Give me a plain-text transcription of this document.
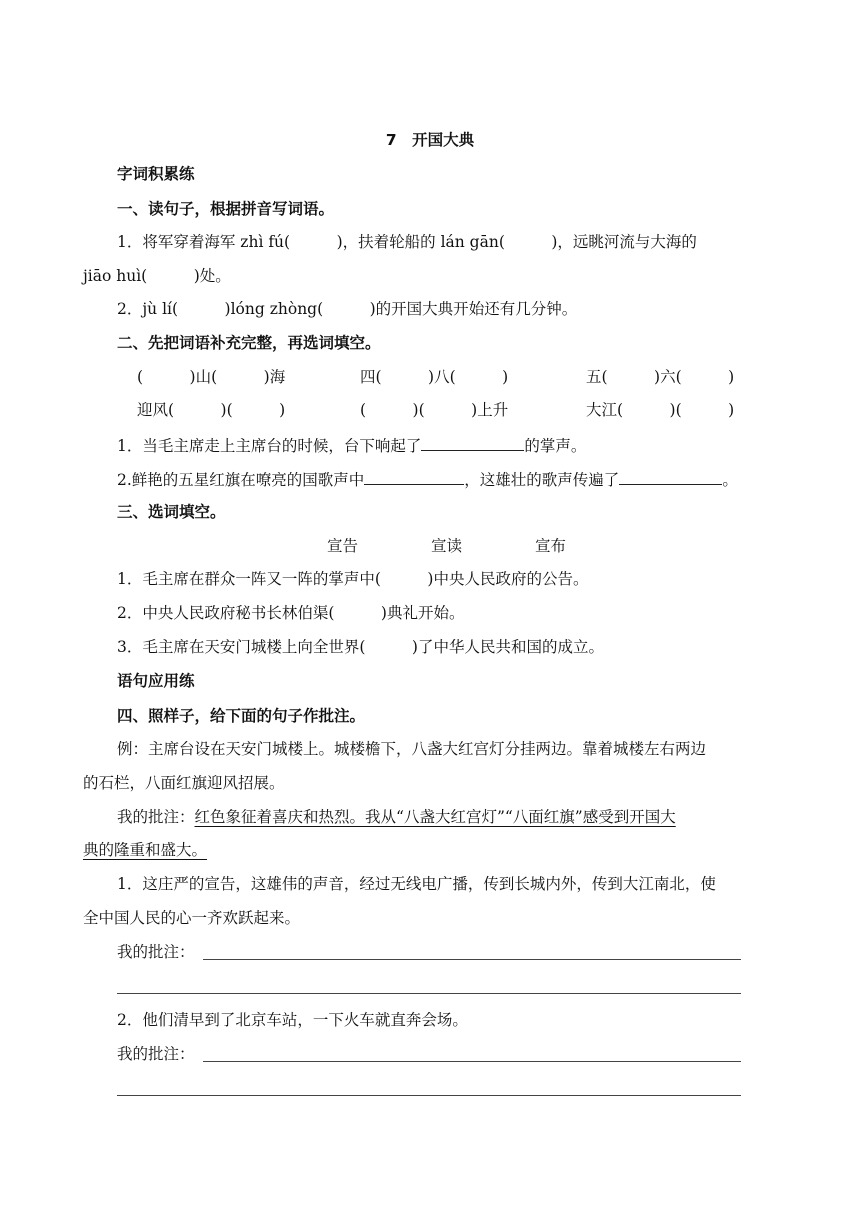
7　开国大典
字词积累练
一、读句子，根据拼音写词语。
1．将军穿着海军 zhì fú(　　　)，扶着轮船的 lán gān(　　　)，远眺河流与大海的
jiāo huì(　　　)处。
2．jù lí(　　　)lóng zhòng(　　　)的开国大典开始还有几分钟。
二、先把词语补充完整，再选词填空。
(　　　)山(　　　)海	四(　　　)八(　　　)	五(　　　)六(　　　)
迎风(　　　)(　　　)	(　　　)(　　　)上升	大江(　　　)(　　　)
1．当毛主席走上主席台的时候，台下响起了	的掌声。
2.鲜艳的五星红旗在嘹亮的国歌声中	，这雄壮的歌声传遍了	。
三、选词填空。
宣告	宣读	宣布
1．毛主席在群众一阵又一阵的掌声中(　　　)中央人民政府的公告。
2．中央人民政府秘书长林伯渠(　　　)典礼开始。
3．毛主席在天安门城楼上向全世界(　　　)了中华人民共和国的成立。
语句应用练
四、照样子，给下面的句子作批注。
例：主席台设在天安门城楼上。城楼檐下，八盏大红宫灯分挂两边。靠着城楼左右两边
的石栏，八面红旗迎风招展。
我的批注：红色象征着喜庆和热烈。我从“八盏大红宫灯”“八面红旗”感受到开国大
典的隆重和盛大。
1．这庄严的宣告，这雄伟的声音，经过无线电广播，传到长城内外，传到大江南北，使
全中国人民的心一齐欢跃起来。
我的批注：
2．他们清早到了北京车站，一下火车就直奔会场。
我的批注：
